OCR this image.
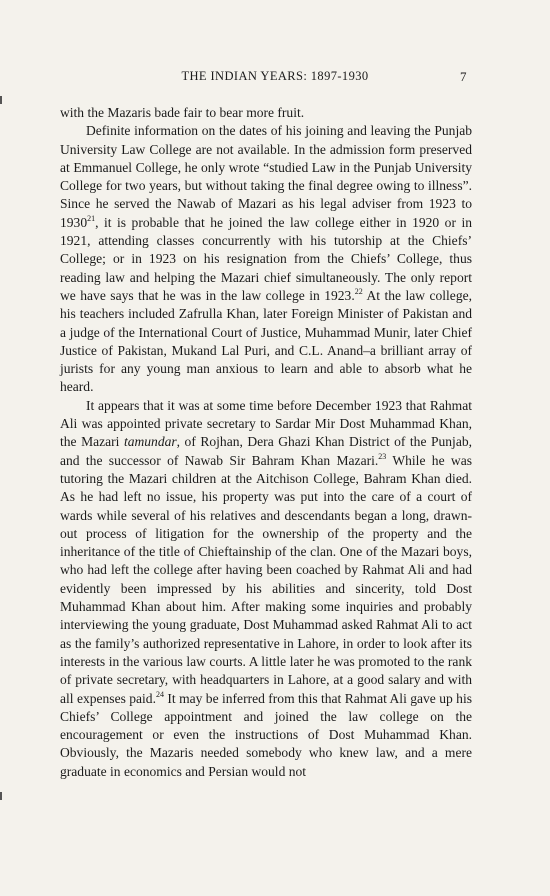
THE INDIAN YEARS: 1897-1930	7

with the Mazaris bade fair to bear more fruit.

Definite information on the dates of his joining and leaving the Punjab University Law College are not available. In the admission form preserved at Emmanuel College, he only wrote “studied Law in the Punjab University College for two years, but without taking the final degree owing to illness”. Since he served the Nawab of Mazari as his legal adviser from 1923 to 1930$^{21}$, it is probable that he joined the law college either in 1920 or in 1921, attending classes concurrently with his tutorship at the Chiefs’ College; or in 1923 on his resignation from the Chiefs’ College, thus reading law and helping the Mazari chief simultaneously. The only report we have says that he was in the law college in 1923.22 At the law college, his teachers included Zafrulla Khan, later Foreign Minister of Pakistan and a judge of the International Court of Justice, Muhammad Munir, later Chief Justice of Pakistan, Mukand Lal Puri, and C.L. Anand–a brilliant array of jurists for any young man anxious to learn and able to absorb what he heard.

It appears that it was at some time before December 1923 that Rahmat Ali was appointed private secretary to Sardar Mir Dost Muhammad Khan, the Mazari tamundar, of Rojhan, Dera Ghazi Khan District of the Punjab, and the successor of Nawab Sir Bahram Khan Mazari.$^{23}$ While he was tutoring the Mazari children at the Aitchison College, Bahram Khan died. As he had left no issue, his property was put into the care of a court of wards while several of his relatives and descendants began a long, drawn-out process of litigation for the ownership of the property and the inheritance of the title of Chieftainship of the clan. One of the Mazari boys, who had left the college after having been coached by Rahmat Ali and had evidently been impressed by his abilities and sincerity, told Dost Muhammad Khan about him. After making some inquiries and probably interviewing the young graduate, Dost Muhammad asked Rahmat Ali to act as the family’s authorized representative in Lahore, in order to look after its interests in the various law courts. A little later he was promoted to the rank of private secretary, with headquarters in Lahore, at a good salary and with all expenses paid.$^{24}$ It may be inferred from this that Rahmat Ali gave up his Chiefs’ College appointment and joined the law college on the encouragement or even the instructions of Dost Muhammad Khan. Obviously, the Mazaris needed somebody who knew law, and a mere graduate in economics and Persian would not
